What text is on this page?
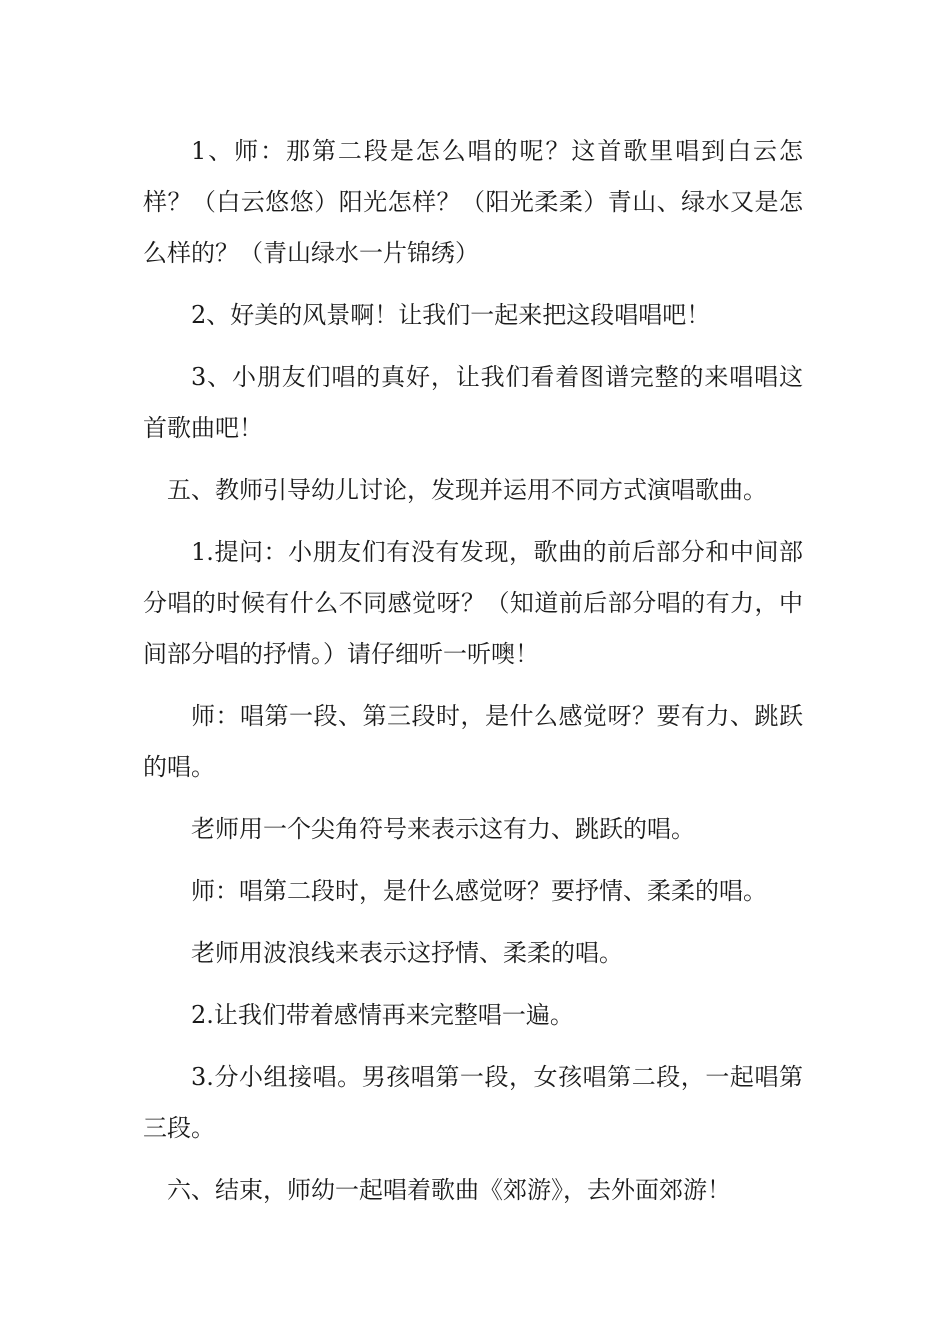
1、师：那第二段是怎么唱的呢？这首歌里唱到白云怎样？（白云悠悠）阳光怎样？（阳光柔柔）青山、绿水又是怎么样的？（青山绿水一片锦绣）

2、好美的风景啊！让我们一起来把这段唱唱吧！

3、小朋友们唱的真好，让我们看着图谱完整的来唱唱这首歌曲吧！

五、教师引导幼儿讨论，发现并运用不同方式演唱歌曲。

1.提问：小朋友们有没有发现，歌曲的前后部分和中间部分唱的时候有什么不同感觉呀？（知道前后部分唱的有力，中间部分唱的抒情。）请仔细听一听噢！

师：唱第一段、第三段时，是什么感觉呀？要有力、跳跃的唱。

老师用一个尖角符号来表示这有力、跳跃的唱。

师：唱第二段时，是什么感觉呀？要抒情、柔柔的唱。

老师用波浪线来表示这抒情、柔柔的唱。

2.让我们带着感情再来完整唱一遍。

3.分小组接唱。男孩唱第一段，女孩唱第二段，一起唱第三段。

六、结束，师幼一起唱着歌曲《郊游》，去外面郊游！
